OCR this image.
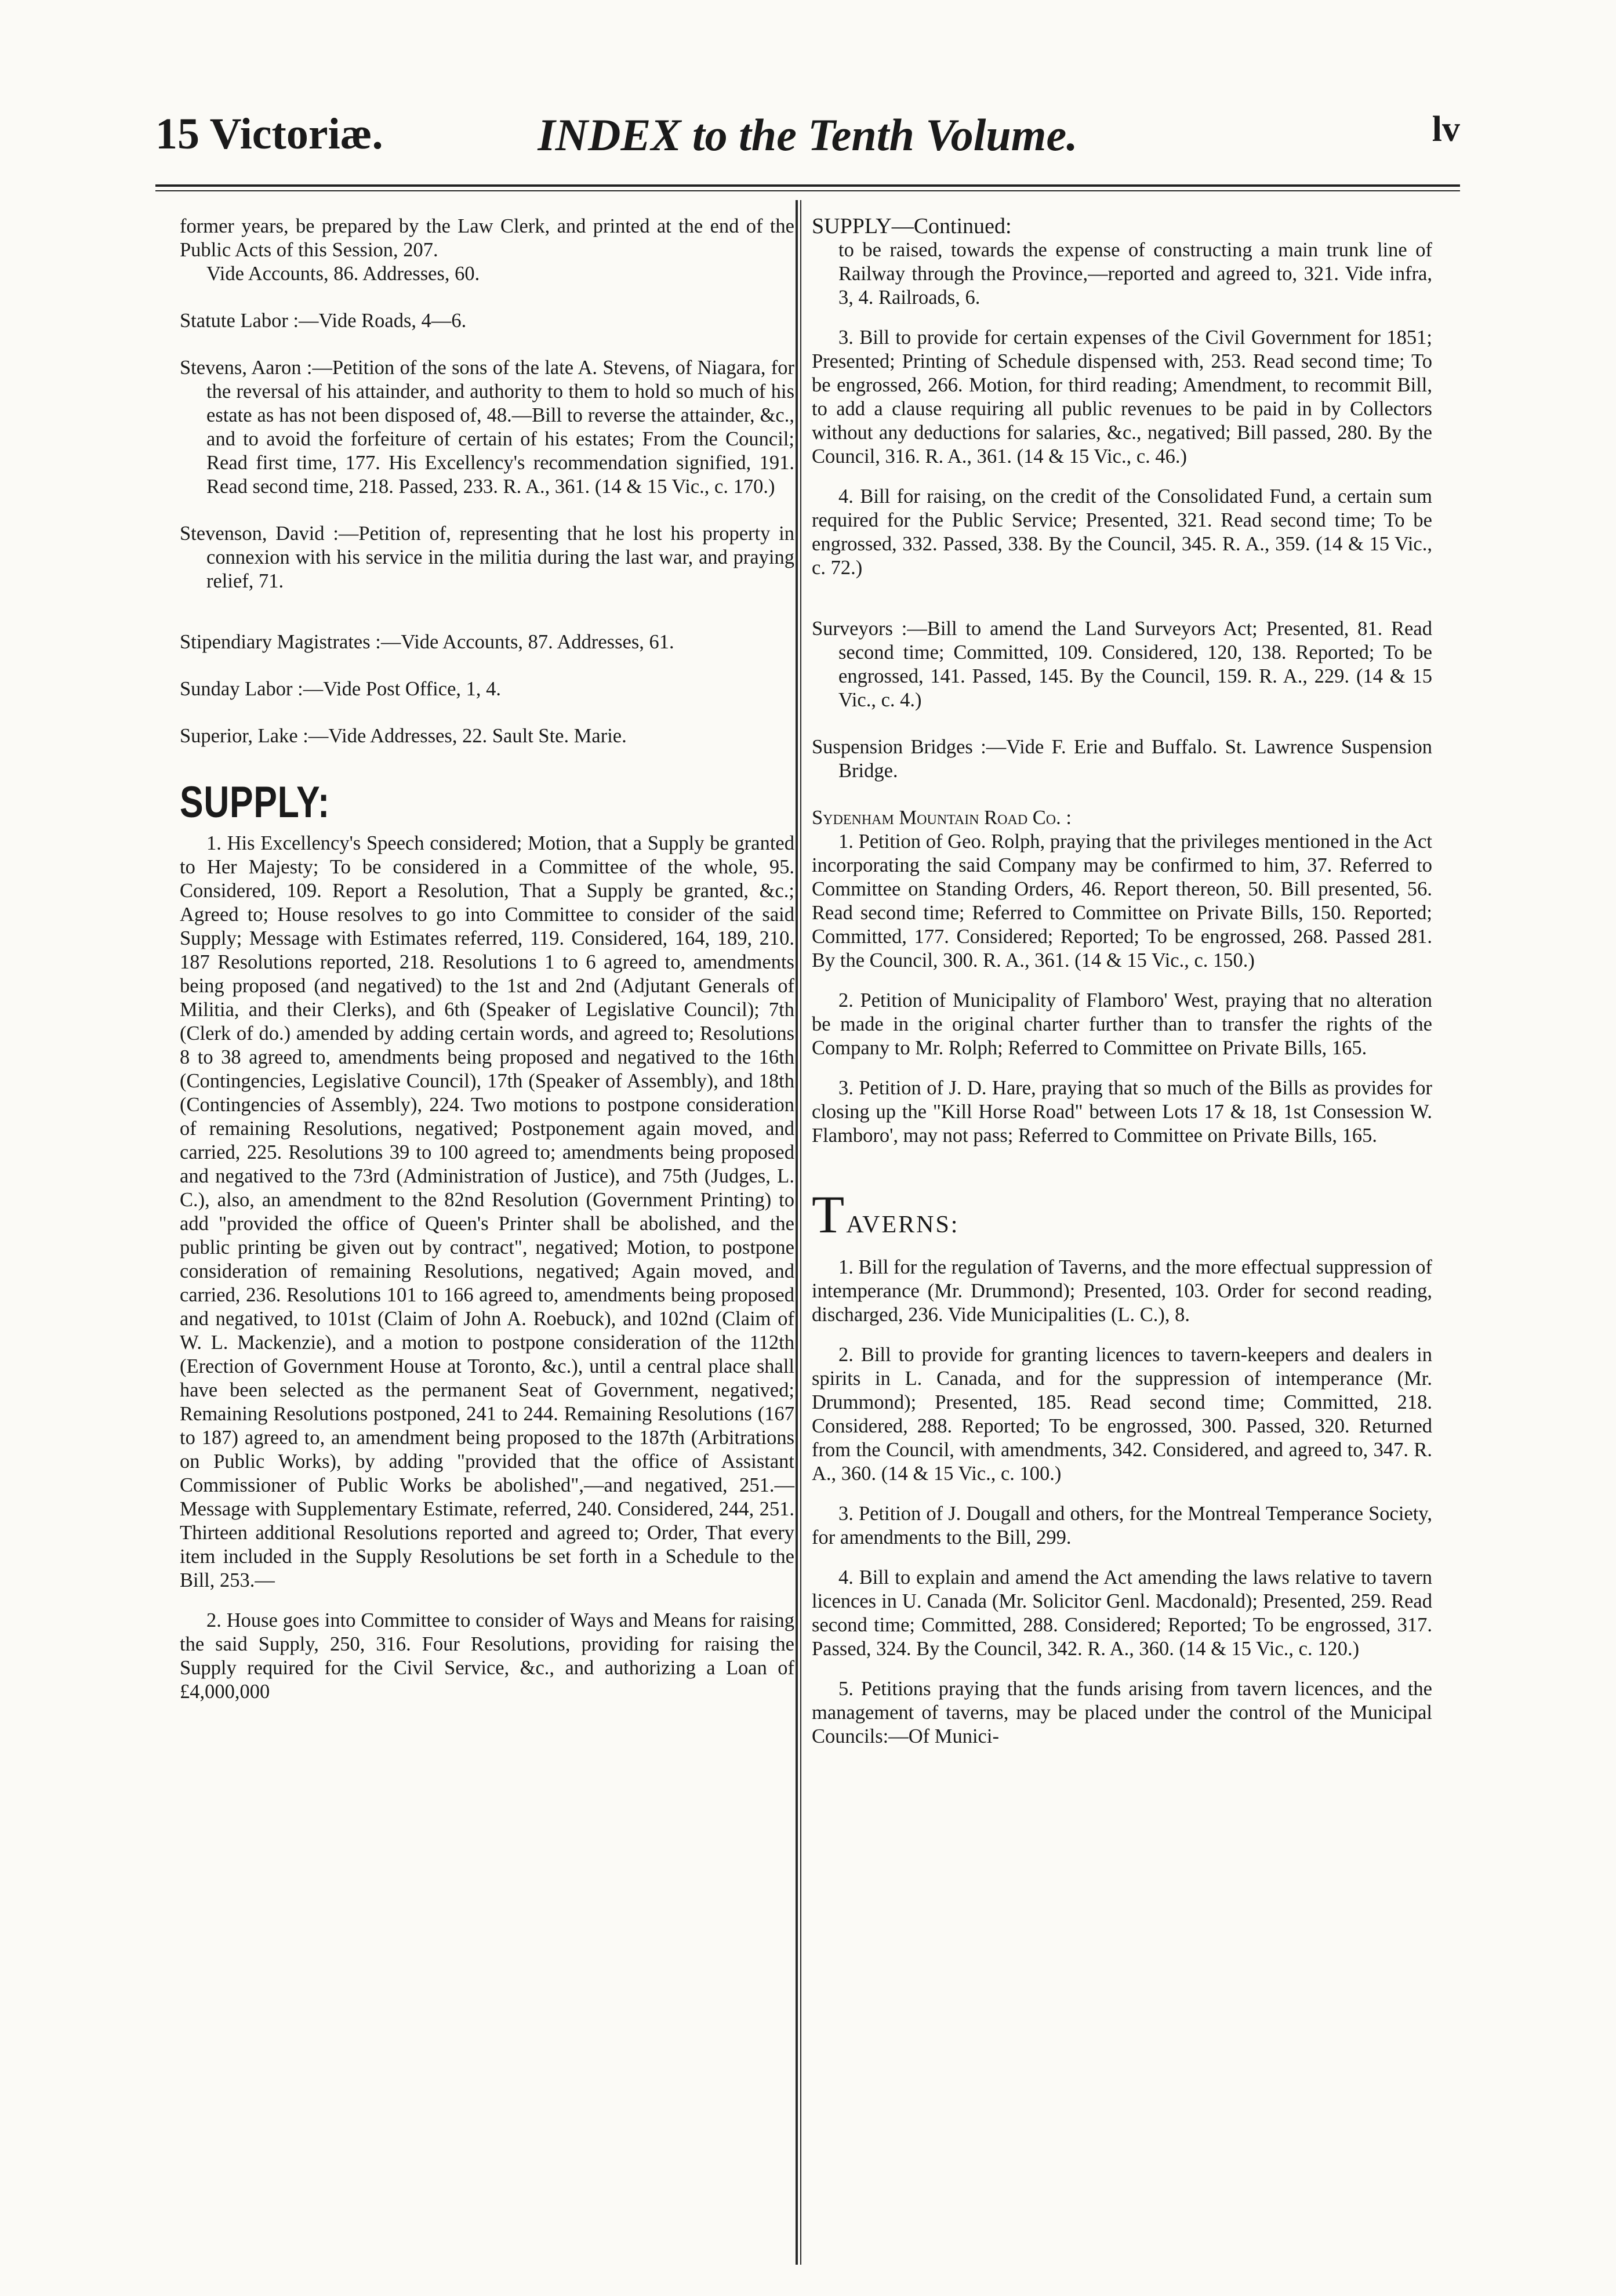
15 Victoriæ.	INDEX to the Tenth Volume.	lv
former years, be prepared by the Law Clerk, and printed at the end of the Public Acts of this Session, 207.
Vide Accounts, 86. Addresses, 60.
Statute Labor :—Vide Roads, 4—6.
Stevens, Aaron :—Petition of the sons of the late A. Stevens, of Niagara, for the reversal of his attainder, and authority to them to hold so much of his estate as has not been disposed of, 48.—Bill to reverse the attainder, &c., and to avoid the forfeiture of certain of his estates; From the Council; Read first time, 177. His Excellency's recommendation signified, 191. Read second time, 218. Passed, 233. R. A., 361. (14 & 15 Vic., c. 170.)
Stevenson, David :—Petition of, representing that he lost his property in connexion with his service in the militia during the last war, and praying relief, 71.
Stipendiary Magistrates :—Vide Accounts, 87. Addresses, 61.
Sunday Labor :—Vide Post Office, 1, 4.
Superior, Lake :—Vide Addresses, 22. Sault Ste. Marie.
SUPPLY:
1. His Excellency's Speech considered; Motion, that a Supply be granted to Her Majesty; To be considered in a Committee of the whole, 95. Considered, 109. Report a Resolution, That a Supply be granted, &c.; Agreed to; House resolves to go into Committee to consider of the said Supply; Message with Estimates referred, 119. Considered, 164, 189, 210. 187 Resolutions reported, 218. Resolutions 1 to 6 agreed to, amendments being proposed (and negatived) to the 1st and 2nd (Adjutant Generals of Militia, and their Clerks), and 6th (Speaker of Legislative Council); 7th (Clerk of do.) amended by adding certain words, and agreed to; Resolutions 8 to 38 agreed to, amendments being proposed and negatived to the 16th (Contingencies, Legislative Council), 17th (Speaker of Assembly), and 18th (Contingencies of Assembly), 224. Two motions to postpone consideration of remaining Resolutions, negatived; Postponement again moved, and carried, 225. Resolutions 39 to 100 agreed to; amendments being proposed and negatived to the 73rd (Administration of Justice), and 75th (Judges, L. C.), also, an amendment to the 82nd Resolution (Government Printing) to add "provided the office of Queen's Printer shall be abolished, and the public printing be given out by contract", negatived; Motion, to postpone consideration of remaining Resolutions, negatived; Again moved, and carried, 236. Resolutions 101 to 166 agreed to, amendments being proposed and negatived, to 101st (Claim of John A. Roebuck), and 102nd (Claim of W. L. Mackenzie), and a motion to postpone consideration of the 112th (Erection of Government House at Toronto, &c.), until a central place shall have been selected as the permanent Seat of Government, negatived; Remaining Resolutions postponed, 241 to 244. Remaining Resolutions (167 to 187) agreed to, an amendment being proposed to the 187th (Arbitrations on Public Works), by adding "provided that the office of Assistant Commissioner of Public Works be abolished",—and negatived, 251.—Message with Supplementary Estimate, referred, 240. Considered, 244, 251. Thirteen additional Resolutions reported and agreed to; Order, That every item included in the Supply Resolutions be set forth in a Schedule to the Bill, 253.—
2. House goes into Committee to consider of Ways and Means for raising the said Supply, 250, 316. Four Resolutions, providing for raising the Supply required for the Civil Service, &c., and authorizing a Loan of £4,000,000
SUPPLY—Continued:
to be raised, towards the expense of constructing a main trunk line of Railway through the Province,—reported and agreed to, 321. Vide infra, 3, 4. Railroads, 6.
3. Bill to provide for certain expenses of the Civil Government for 1851; Presented; Printing of Schedule dispensed with, 253. Read second time; To be engrossed, 266. Motion, for third reading; Amendment, to recommit Bill, to add a clause requiring all public revenues to be paid in by Collectors without any deductions for salaries, &c., negatived; Bill passed, 280. By the Council, 316. R. A., 361. (14 & 15 Vic., c. 46.)
4. Bill for raising, on the credit of the Consolidated Fund, a certain sum required for the Public Service; Presented, 321. Read second time; To be engrossed, 332. Passed, 338. By the Council, 345. R. A., 359. (14 & 15 Vic., c. 72.)
Surveyors :—Bill to amend the Land Surveyors Act; Presented, 81. Read second time; Committed, 109. Considered, 120, 138. Reported; To be engrossed, 141. Passed, 145. By the Council, 159. R. A., 229. (14 & 15 Vic., c. 4.)
Suspension Bridges :—Vide F. Erie and Buffalo. St. Lawrence Suspension Bridge.
Sydenham Mountain Road Co. :
1. Petition of Geo. Rolph, praying that the privileges mentioned in the Act incorporating the said Company may be confirmed to him, 37. Referred to Committee on Standing Orders, 46. Report thereon, 50. Bill presented, 56. Read second time; Referred to Committee on Private Bills, 150. Reported; Committed, 177. Considered; Reported; To be engrossed, 268. Passed 281. By the Council, 300. R. A., 361. (14 & 15 Vic., c. 150.)
2. Petition of Municipality of Flamboro' West, praying that no alteration be made in the original charter further than to transfer the rights of the Company to Mr. Rolph; Referred to Committee on Private Bills, 165.
3. Petition of J. D. Hare, praying that so much of the Bills as provides for closing up the "Kill Horse Road" between Lots 17 & 18, 1st Consession W. Flamboro', may not pass; Referred to Committee on Private Bills, 165.
TAVERNS:
1. Bill for the regulation of Taverns, and the more effectual suppression of intemperance (Mr. Drummond); Presented, 103. Order for second reading, discharged, 236. Vide Municipalities (L. C.), 8.
2. Bill to provide for granting licences to tavern-keepers and dealers in spirits in L. Canada, and for the suppression of intemperance (Mr. Drummond); Presented, 185. Read second time; Committed, 218. Considered, 288. Reported; To be engrossed, 300. Passed, 320. Returned from the Council, with amendments, 342. Considered, and agreed to, 347. R. A., 360. (14 & 15 Vic., c. 100.)
3. Petition of J. Dougall and others, for the Montreal Temperance Society, for amendments to the Bill, 299.
4. Bill to explain and amend the Act amending the laws relative to tavern licences in U. Canada (Mr. Solicitor Genl. Macdonald); Presented, 259. Read second time; Committed, 288. Considered; Reported; To be engrossed, 317. Passed, 324. By the Council, 342. R. A., 360. (14 & 15 Vic., c. 120.)
5. Petitions praying that the funds arising from tavern licences, and the management of taverns, may be placed under the control of the Municipal Councils:—Of Munici-
